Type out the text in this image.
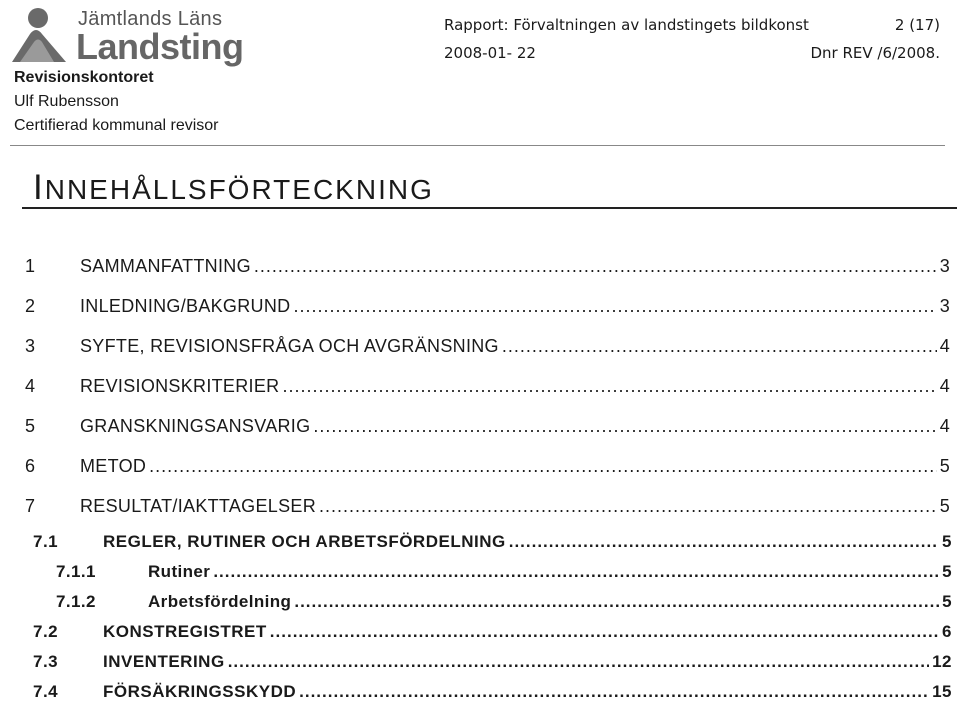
Jämtlands Läns
Landsting
Revisionskontoret
Ulf Rubensson
Certifierad kommunal revisor
Rapport: Förvaltningen av landstingets bildkonst	2 (17)
2008-01- 22	Dnr REV /6/2008.
INNEHÅLLSFÖRTECKNING
1	SAMMANFATTNING .....	3
2	INLEDNING/BAKGRUND .....	3
3	SYFTE, REVISIONSFRÅGA OCH AVGRÄNSNING .....	4
4	REVISIONSKRITERIER .....	4
5	GRANSKNINGSANSVARIG .....	4
6	METOD .....	5
7	RESULTAT/IAKTTAGELSER .....	5
7.1	REGLER, RUTINER OCH ARBETSFÖRDELNING .....	5
7.1.1	Rutiner .....	5
7.1.2	Arbetsfördelning .....	5
7.2	KONSTREGISTRET .....	6
7.3	INVENTERING .....	12
7.4	FÖRSÄKRINGSSKYDD .....	15
